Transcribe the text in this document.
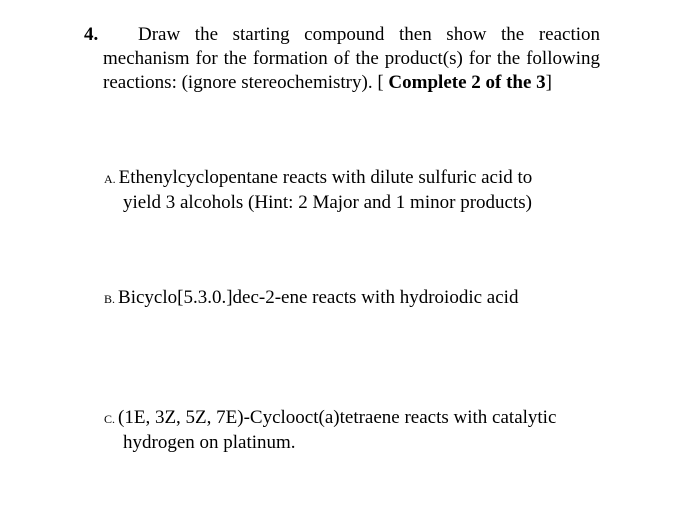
4.	Draw the starting compound then show the reaction mechanism for the formation of the product(s) for the following reactions: (ignore stereochemistry). [ Complete 2 of the 3]
A. Ethenylcyclopentane reacts with dilute sulfuric acid to
yield 3 alcohols (Hint: 2 Major and 1 minor products)
B. Bicyclo[5.3.0.]dec-2-ene reacts with hydroiodic acid
C. (1E, 3Z, 5Z, 7E)-Cyclooct(a)tetraene reacts with catalytic
hydrogen on platinum.
